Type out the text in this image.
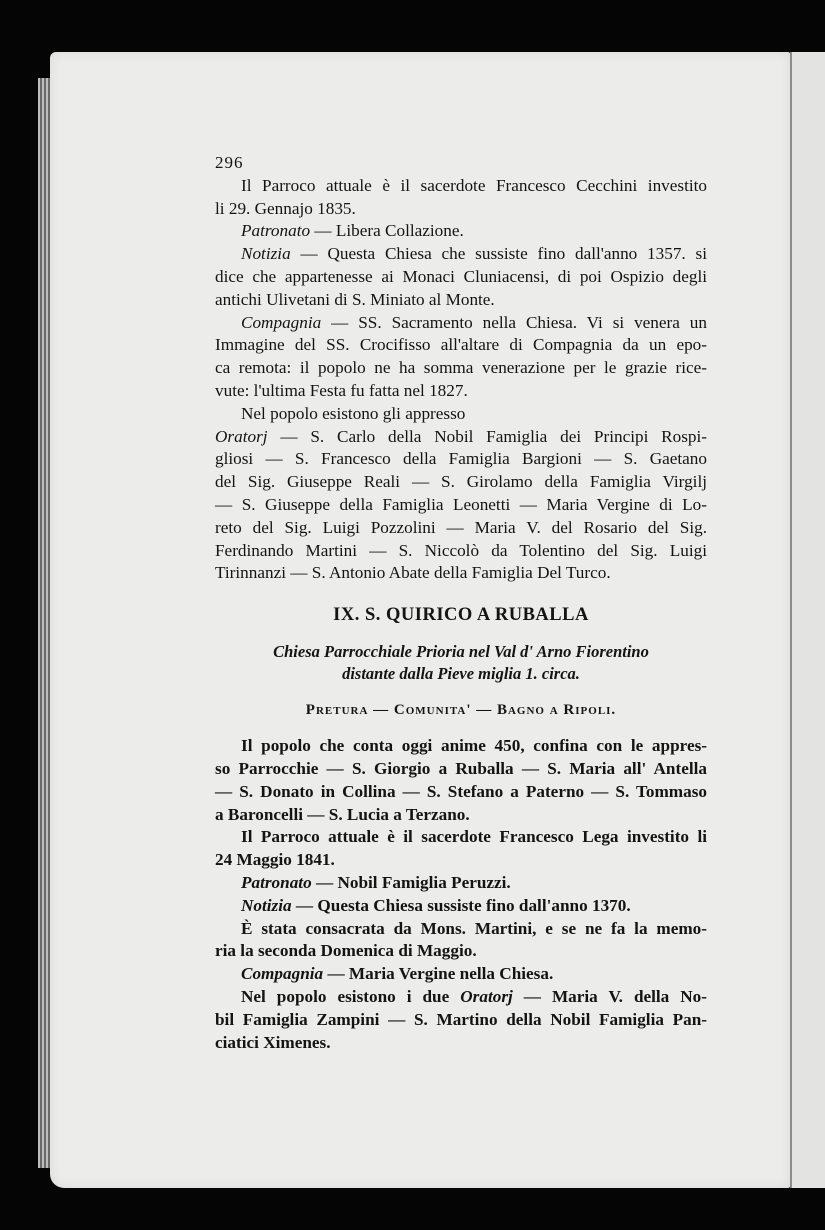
296
Il Parroco attuale è il sacerdote Francesco Cecchini investito
li 29. Gennajo 1835.
Patronato — Libera Collazione.
Notizia — Questa Chiesa che sussiste fino dall'anno 1357. si
dice che appartenesse ai Monaci Cluniacensi, di poi Ospizio degli
antichi Ulivetani di S. Miniato al Monte.
Compagnia — SS. Sacramento nella Chiesa. Vi si venera un
Immagine del SS. Crocifisso all'altare di Compagnia da un epo-
ca remota: il popolo ne ha somma venerazione per le grazie rice-
vute: l'ultima Festa fu fatta nel 1827.
Nel popolo esistono gli appresso
Oratorj — S. Carlo della Nobil Famiglia dei Principi Rospi-
gliosi — S. Francesco della Famiglia Bargioni — S. Gaetano
del Sig. Giuseppe Reali — S. Girolamo della Famiglia Virgilj
— S. Giuseppe della Famiglia Leonetti — Maria Vergine di Lo-
reto del Sig. Luigi Pozzolini — Maria V. del Rosario del Sig.
Ferdinando Martini — S. Niccolò da Tolentino del Sig. Luigi
Tirinnanzi — S. Antonio Abate della Famiglia Del Turco.
IX. S. QUIRICO A RUBALLA
Chiesa Parrocchiale Prioria nel Val d' Arno Fiorentino
distante dalla Pieve miglia 1. circa.
Pretura — Comunita' — Bagno a Ripoli.
Il popolo che conta oggi anime 450, confina con le appres-
so Parrocchie — S. Giorgio a Ruballa — S. Maria all' Antella
— S. Donato in Collina — S. Stefano a Paterno — S. Tommaso
a Baroncelli — S. Lucia a Terzano.
Il Parroco attuale è il sacerdote Francesco Lega investito li
24 Maggio 1841.
Patronato — Nobil Famiglia Peruzzi.
Notizia — Questa Chiesa sussiste fino dall'anno 1370.
È stata consacrata da Mons. Martini, e se ne fa la memo-
ria la seconda Domenica di Maggio.
Compagnia — Maria Vergine nella Chiesa.
Nel popolo esistono i due Oratorj — Maria V. della No-
bil Famiglia Zampini — S. Martino della Nobil Famiglia Pan-
ciatici Ximenes.
